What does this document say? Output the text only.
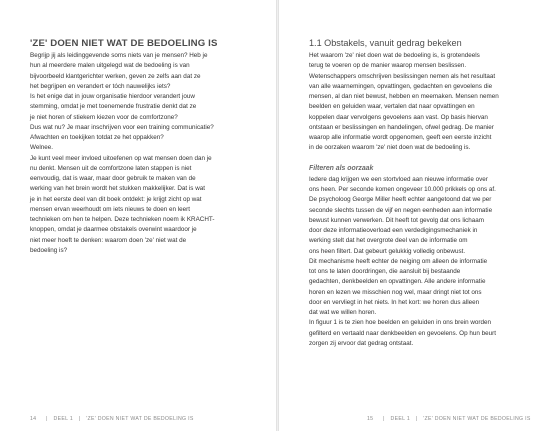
'ZE' DOEN NIET WAT DE BEDOELING IS
Begrijp jij als leidinggevende soms niets van je mensen? Heb je
hun al meerdere malen uitgelegd wat de bedoeling is van
bijvoorbeeld klantgerichter werken, geven ze zelfs aan dat ze
het begrijpen en verandert er tóch nauwelijks iets?
Is het enige dat in jouw organisatie hierdoor verandert jouw
stemming, omdat je met toenemende frustratie denkt dat ze
je niet horen of stiekem kiezen voor de comfortzone?
Dus wat nu? Je maar inschrijven voor een training communicatie?
Afwachten en toekijken totdat ze het oppakken?
Welnee.
Je kunt veel meer invloed uitoefenen op wat mensen doen dan je
nu denkt. Mensen uit de comfortzone laten stappen is niet
eenvoudig, dat is waar, maar door gebruik te maken van de
werking van het brein wordt het stukken makkelijker. Dat is wat
je in het eerste deel van dit boek ontdekt: je krijgt zicht op wat
mensen ervan weerhoudt om iets nieuws te doen en leert
technieken om hen te helpen. Deze technieken noem ik KRACHT-
knoppen, omdat je daarmee obstakels overwint waardoor je
niet meer hoeft te denken: waarom doen 'ze' niet wat de
bedoeling is?
14 | DEEL 1 | 'ZE' DOEN NIET WAT DE BEDOELING IS
1.1 Obstakels, vanuit gedrag bekeken
Het waarom 'ze' niet doen wat de bedoeling is, is grotendeels
terug te voeren op de manier waarop mensen beslissen.
Wetenschappers omschrijven beslissingen nemen als het resultaat
van alle waarnemingen, opvattingen, gedachten en gevoelens die
mensen, al dan niet bewust, hebben en meemaken. Mensen nemen
beelden en geluiden waar, vertalen dat naar opvattingen en
koppelen daar vervolgens gevoelens aan vast. Op basis hiervan
ontstaan er beslissingen en handelingen, ofwel gedrag. De manier
waarop alle informatie wordt opgenomen, geeft een eerste inzicht
in de oorzaken waarom 'ze' niet doen wat de bedoeling is.
Filteren als oorzaak
Iedere dag krijgen we een stortvloed aan nieuwe informatie over
ons heen. Per seconde komen ongeveer 10.000 prikkels op ons af.
De psycholoog George Miller heeft echter aangetoond dat we per
seconde slechts tussen de vijf en negen eenheden aan informatie
bewust kunnen verwerken. Dit heeft tot gevolg dat ons lichaam
door deze informatieoverload een verdedigingsmechaniek in
werking stelt dat het overgrote deel van de informatie om
ons heen filtert. Dat gebeurt gelukkig volledig onbewust.
Dit mechanisme heeft echter de neiging om alleen de informatie
tot ons te laten doordringen, die aansluit bij bestaande
gedachten, denkbeelden en opvattingen. Alle andere informatie
horen en lezen we misschien nog wel, maar dringt niet tot ons
door en vervliegt in het niets. In het kort: we horen dus alleen
dat wat we willen horen.
In figuur 1 is te zien hoe beelden en geluiden in ons brein worden
gefilterd en vertaald naar denkbeelden en gevoelens. Op hun beurt
zorgen zij ervoor dat gedrag ontstaat.
15 | DEEL 1 | 'ZE' DOEN NIET WAT DE BEDOELING IS
